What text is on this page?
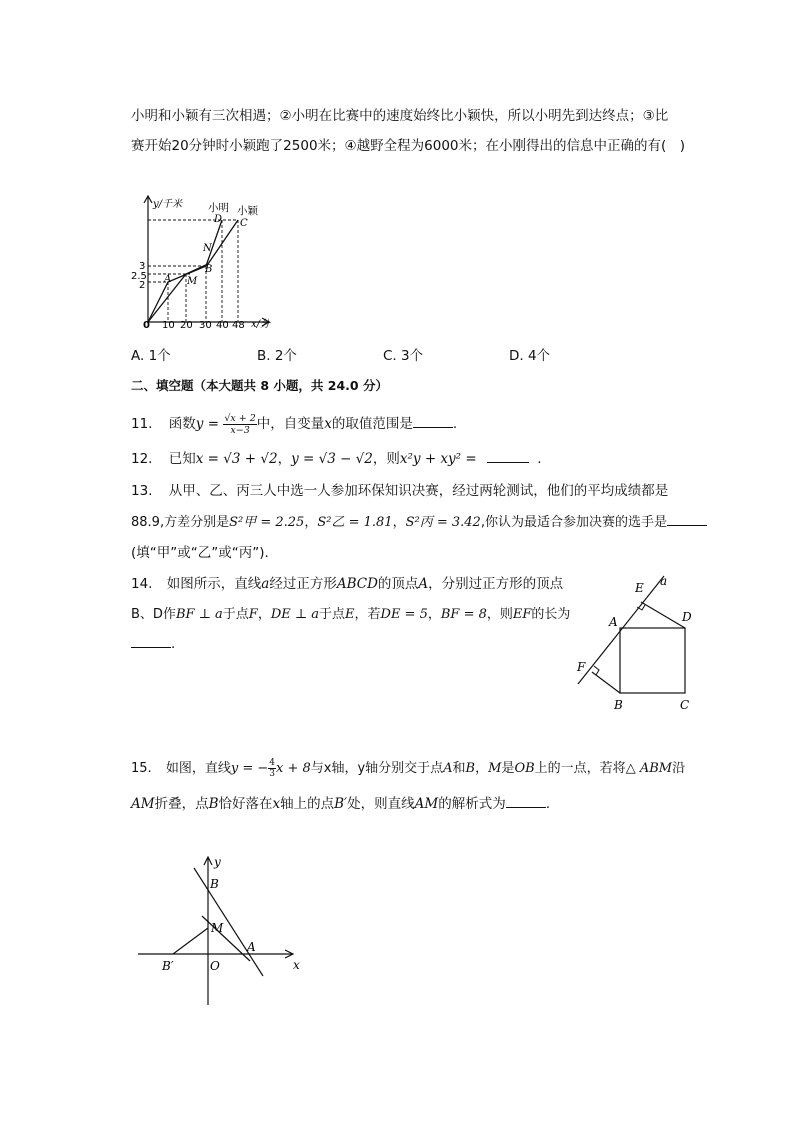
小明和小颖有三次相遇；②小明在比赛中的速度始终比小颖快，所以小明先到达终点；③比
赛开始20分钟时小颖跑了2500米；④越野全程为6000米；在小刚得出的信息中正确的有(　)
y/千米 小明 小颖
3
2.5
2
0 10 20 30 40 48 x/分
A M
B
N
D C
A. 1个	B. 2个	C. 3个	D. 4个
二、填空题（本大题共 8 小题，共 24.0 分）
11. 函数$y = \frac{√x + 2}{x-3}$ 中，自变量x的取值范围是	.
12. 已知x = √3 + √2，y = √3 − √2，则x²y + xy² =	.
13. 从甲、乙、丙三人中选一人参加环保知识决赛，经过两轮测试，他们的平均成绩都是
88.9,方差分别是S²甲 = 2.25，S²乙 = 1.81，S²丙 = 3.42,你认为最适合参加决赛的选手是
(填“甲”或“乙”或“丙”).
14. 如图所示，直线a经过正方形ABCD的顶点A，分别过正方形的顶点
B、D作BF ⊥ a于点F，DE ⊥ a于点E，若DE = 5，BF = 8，则EF的长为
.
E a
D
A
F
B	C
15. 如图，直线y = − $\frac{4}{3}$ x + 8与x轴，y轴分别交于点A和B，M是OB上的一点，若将△ ABM沿
AM折叠，点B恰好落在x轴上的点B′处，则直线AM的解析式为	.
y
B
M
A
B′	O	x
